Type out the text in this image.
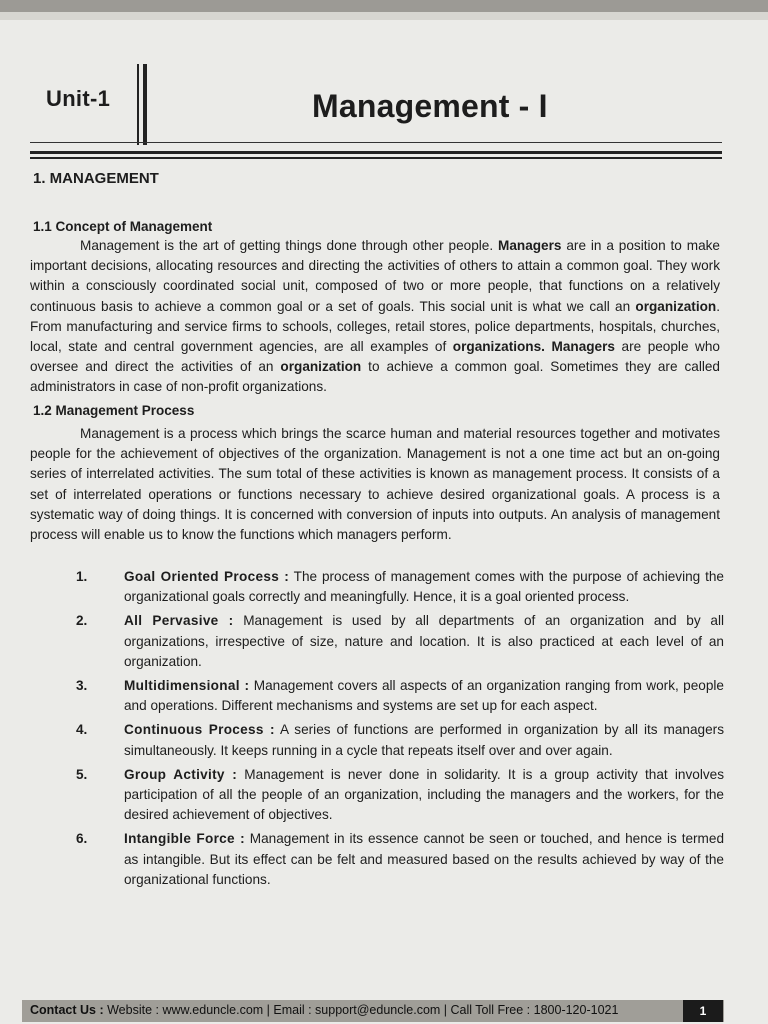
Unit-1	Management - I
1. MANAGEMENT
1.1 Concept of Management
Management is the art of getting things done through other people. Managers are in a position to make important decisions, allocating resources and directing the activities of others to attain a common goal. They work within a consciously coordinated social unit, composed of two or more people, that functions on a relatively continuous basis to achieve a common goal or a set of goals. This social unit is what we call an organization. From manufacturing and service firms to schools, colleges, retail stores, police departments, hospitals, churches, local, state and central government agencies, are all examples of organizations. Managers are people who oversee and direct the activities of an organization to achieve a common goal. Sometimes they are called administrators in case of non-profit organizations.
1.2 Management Process
Management is a process which brings the scarce human and material resources together and motivates people for the achievement of objectives of the organization. Management is not a one time act but an on-going series of interrelated activities. The sum total of these activities is known as management process. It consists of a set of interrelated operations or functions necessary to achieve desired organizational goals. A process is a systematic way of doing things. It is concerned with conversion of inputs into outputs. An analysis of management process will enable us to know the functions which managers perform.
1.	Goal Oriented Process : The process of management comes with the purpose of achieving the organizational goals correctly and meaningfully. Hence, it is a goal oriented process.
2.	All Pervasive : Management is used by all departments of an organization and by all organizations, irrespective of size, nature and location. It is also practiced at each level of an organization.
3.	Multidimensional : Management covers all aspects of an organization ranging from work, people and operations. Different mechanisms and systems are set up for each aspect.
4.	Continuous Process : A series of functions are performed in organization by all its managers simultaneously. It keeps running in a cycle that repeats itself over and over again.
5.	Group Activity : Management is never done in solidarity. It is a group activity that involves participation of all the people of an organization, including the managers and the workers, for the desired achievement of objectives.
6.	Intangible Force : Management in its essence cannot be seen or touched, and hence is termed as intangible. But its effect can be felt and measured based on the results achieved by way of the organizational functions.
Contact Us : Website : www.eduncle.com | Email : support@eduncle.com | Call Toll Free : 1800-120-1021	1
